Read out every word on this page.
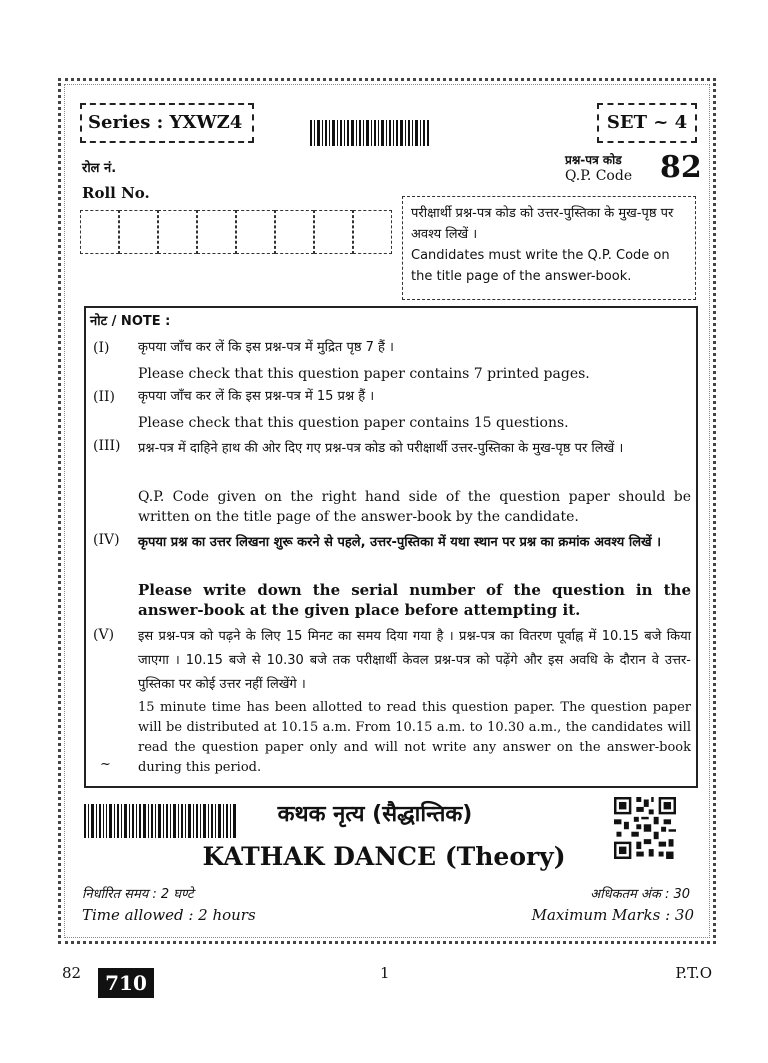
Series : YXWZ4	SET ~ 4
रोल नं.
Roll No.
प्रश्न-पत्र कोड
Q.P. Code 82
परीक्षार्थी प्रश्न-पत्र कोड को उत्तर-पुस्तिका के मुख-पृष्ठ पर अवश्य लिखें ।
Candidates must write the Q.P. Code on the title page of the answer-book.
नोट / NOTE :
(I) कृपया जाँच कर लें कि इस प्रश्न-पत्र में मुद्रित पृष्ठ 7 हैं ।
Please check that this question paper contains 7 printed pages.
(II) कृपया जाँच कर लें कि इस प्रश्न-पत्र में 15 प्रश्न हैं ।
Please check that this question paper contains 15 questions.
(III) प्रश्न-पत्र में दाहिने हाथ की ओर दिए गए प्रश्न-पत्र कोड को परीक्षार्थी उत्तर-पुस्तिका के मुख-पृष्ठ पर लिखें ।
Q.P. Code given on the right hand side of the question paper should be written on the title page of the answer-book by the candidate.
(IV) कृपया प्रश्न का उत्तर लिखना शुरू करने से पहले, उत्तर-पुस्तिका में यथा स्थान पर प्रश्न का क्रमांक अवश्य लिखें ।
Please write down the serial number of the question in the answer-book at the given place before attempting it.
(V) इस प्रश्न-पत्र को पढ़ने के लिए 15 मिनट का समय दिया गया है । प्रश्न-पत्र का वितरण पूर्वाह्न में 10.15 बजे किया जाएगा । 10.15 बजे से 10.30 बजे तक परीक्षार्थी केवल प्रश्न-पत्र को पढ़ेंगे और इस अवधि के दौरान वे उत्तर-पुस्तिका पर कोई उत्तर नहीं लिखेंगे ।
15 minute time has been allotted to read this question paper. The question paper will be distributed at 10.15 a.m. From 10.15 a.m. to 10.30 a.m., the candidates will read the question paper only and will not write any answer on the answer-book during this period.
~
कथक नृत्य (सैद्धान्तिक)
KATHAK DANCE (Theory)
निर्धारित समय : 2 घण्टे
Time allowed : 2 hours
अधिकतम अंक : 30
Maximum Marks : 30
82	710	1	P.T.O
